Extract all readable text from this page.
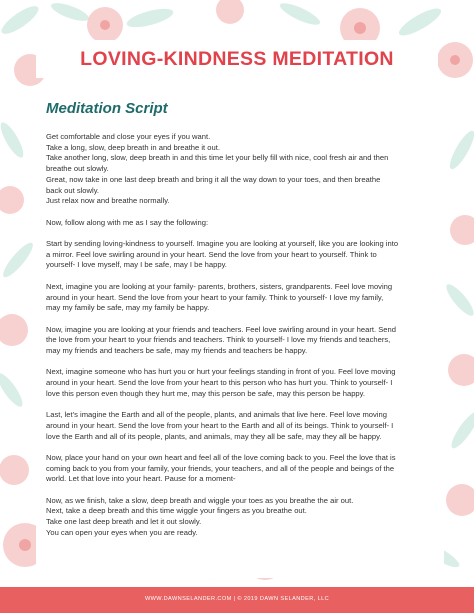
LOVING-KINDNESS MEDITATION
Meditation Script

Get comfortable and close your eyes if you want.
Take a long, slow, deep breath in and breathe it out.
Take another long, slow, deep breath in and this time let your belly fill with nice, cool fresh air and then
breathe out slowly.
Great, now take in one last deep breath and bring it all the way down to your toes, and then breathe
back out slowly.
Just relax now and breathe normally.

Now, follow along with me as I say the following:

Start by sending loving-kindness to yourself. Imagine you are looking at yourself, like you are looking into
a mirror. Feel love swirling around in your heart. Send the love from your heart to yourself. Think to
yourself- I love myself, may I be safe, may I be happy.

Next, imagine you are looking at your family- parents, brothers, sisters, grandparents. Feel love moving
around in your heart. Send the love from your heart to your family. Think to yourself- I love my family,
may my family be safe, may my family be happy.

Now, imagine you are looking at your friends and teachers. Feel love swirling around in your heart. Send
the love from your heart to your friends and teachers. Think to yourself- I love my friends and teachers,
may my friends and teachers be safe, may my friends and teachers be happy.

Next, imagine someone who has hurt you or hurt your feelings standing in front of you. Feel love moving
around in your heart. Send the love from your heart to this person who has hurt you. Think to yourself- I
love this person even though they hurt me, may this person be safe, may this person be happy.

Last, let’s imagine the Earth and all of the people, plants, and animals that live here. Feel love moving
around in your heart. Send the love from your heart to the Earth and all of its beings. Think to yourself- I
love the Earth and all of its people, plants, and animals, may they all be safe, may they all be happy.

Now, place your hand on your own heart and feel all of the love coming back to you. Feel the love that is
coming back to you from your family, your friends, your teachers, and all of the people and beings of the
world. Let that love into your heart. Pause for a moment-

Now, as we finish, take a slow, deep breath and wiggle your toes as you breathe the air out.
Next, take a deep breath and this time wiggle your fingers as you breathe out.
Take one last deep breath and let it out slowly.
You can open your eyes when you are ready.

WWW.DAWNSELANDER.COM | © 2019 DAWN SELANDER, LLC
